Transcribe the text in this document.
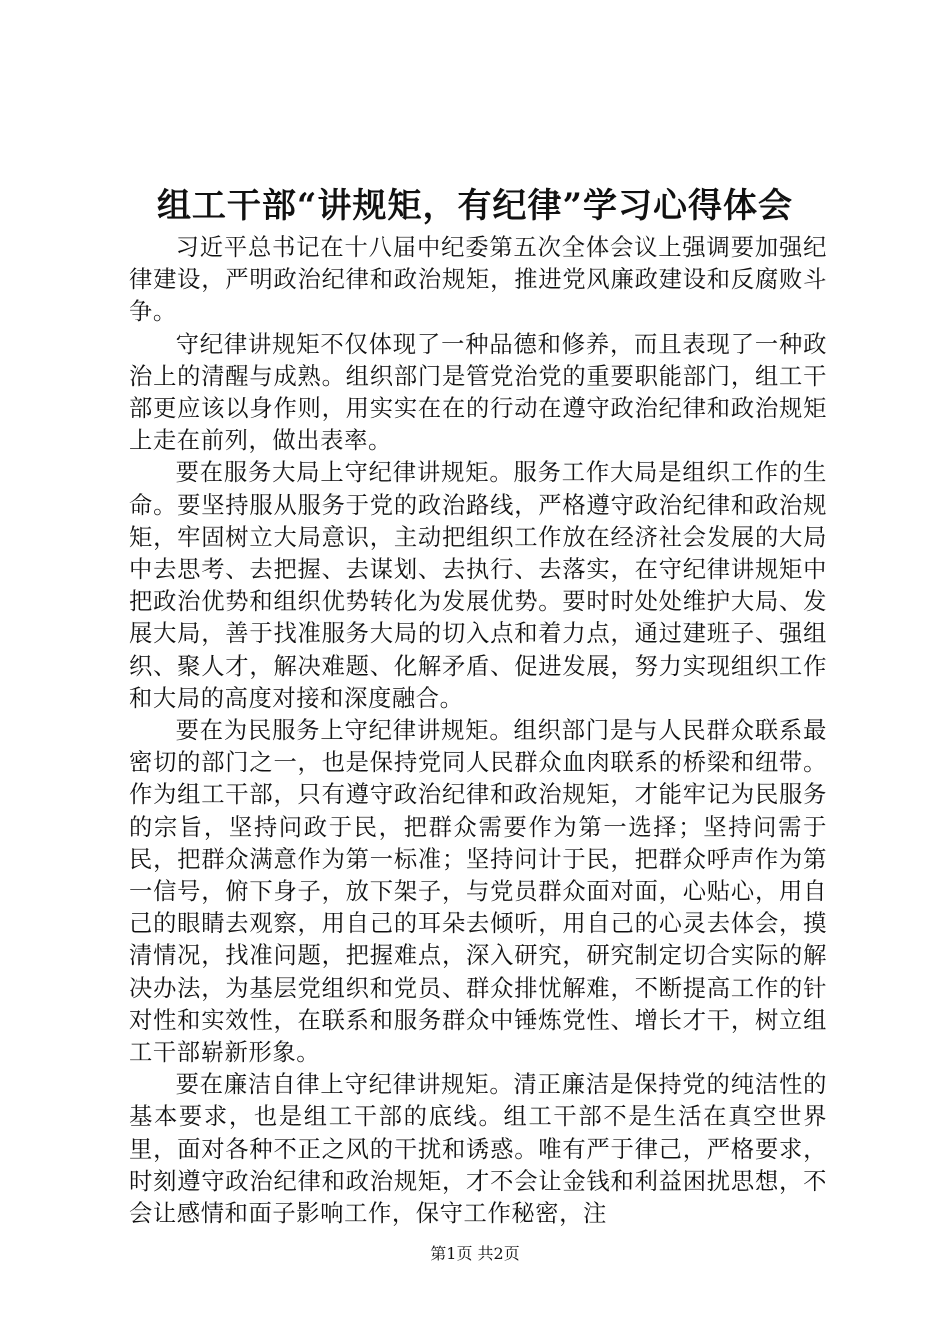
组工干部“讲规矩，有纪律”学习心得体会

习近平总书记在十八届中纪委第五次全体会议上强调要加强纪律建设，严明政治纪律和政治规矩，推进党风廉政建设和反腐败斗争。

守纪律讲规矩不仅体现了一种品德和修养，而且表现了一种政治上的清醒与成熟。组织部门是管党治党的重要职能部门，组工干部更应该以身作则，用实实在在的行动在遵守政治纪律和政治规矩上走在前列，做出表率。

要在服务大局上守纪律讲规矩。服务工作大局是组织工作的生命。要坚持服从服务于党的政治路线，严格遵守政治纪律和政治规矩，牢固树立大局意识，主动把组织工作放在经济社会发展的大局中去思考、去把握、去谋划、去执行、去落实，在守纪律讲规矩中把政治优势和组织优势转化为发展优势。要时时处处维护大局、发展大局，善于找准服务大局的切入点和着力点，通过建班子、强组织、聚人才，解决难题、化解矛盾、促进发展，努力实现组织工作和大局的高度对接和深度融合。

要在为民服务上守纪律讲规矩。组织部门是与人民群众联系最密切的部门之一，也是保持党同人民群众血肉联系的桥梁和纽带。作为组工干部，只有遵守政治纪律和政治规矩，才能牢记为民服务的宗旨，坚持问政于民，把群众需要作为第一选择；坚持问需于民，把群众满意作为第一标准；坚持问计于民，把群众呼声作为第一信号，俯下身子，放下架子，与党员群众面对面，心贴心，用自己的眼睛去观察，用自己的耳朵去倾听，用自己的心灵去体会，摸清情况，找准问题，把握难点，深入研究，研究制定切合实际的解决办法，为基层党组织和党员、群众排忧解难，不断提高工作的针对性和实效性，在联系和服务群众中锤炼党性、增长才干，树立组工干部崭新形象。

要在廉洁自律上守纪律讲规矩。清正廉洁是保持党的纯洁性的基本要求，也是组工干部的底线。组工干部不是生活在真空世界里，面对各种不正之风的干扰和诱惑。唯有严于律己，严格要求，时刻遵守政治纪律和政治规矩，才不会让金钱和利益困扰思想，不会让感情和面子影响工作，保守工作秘密，注

第1页 共2页
